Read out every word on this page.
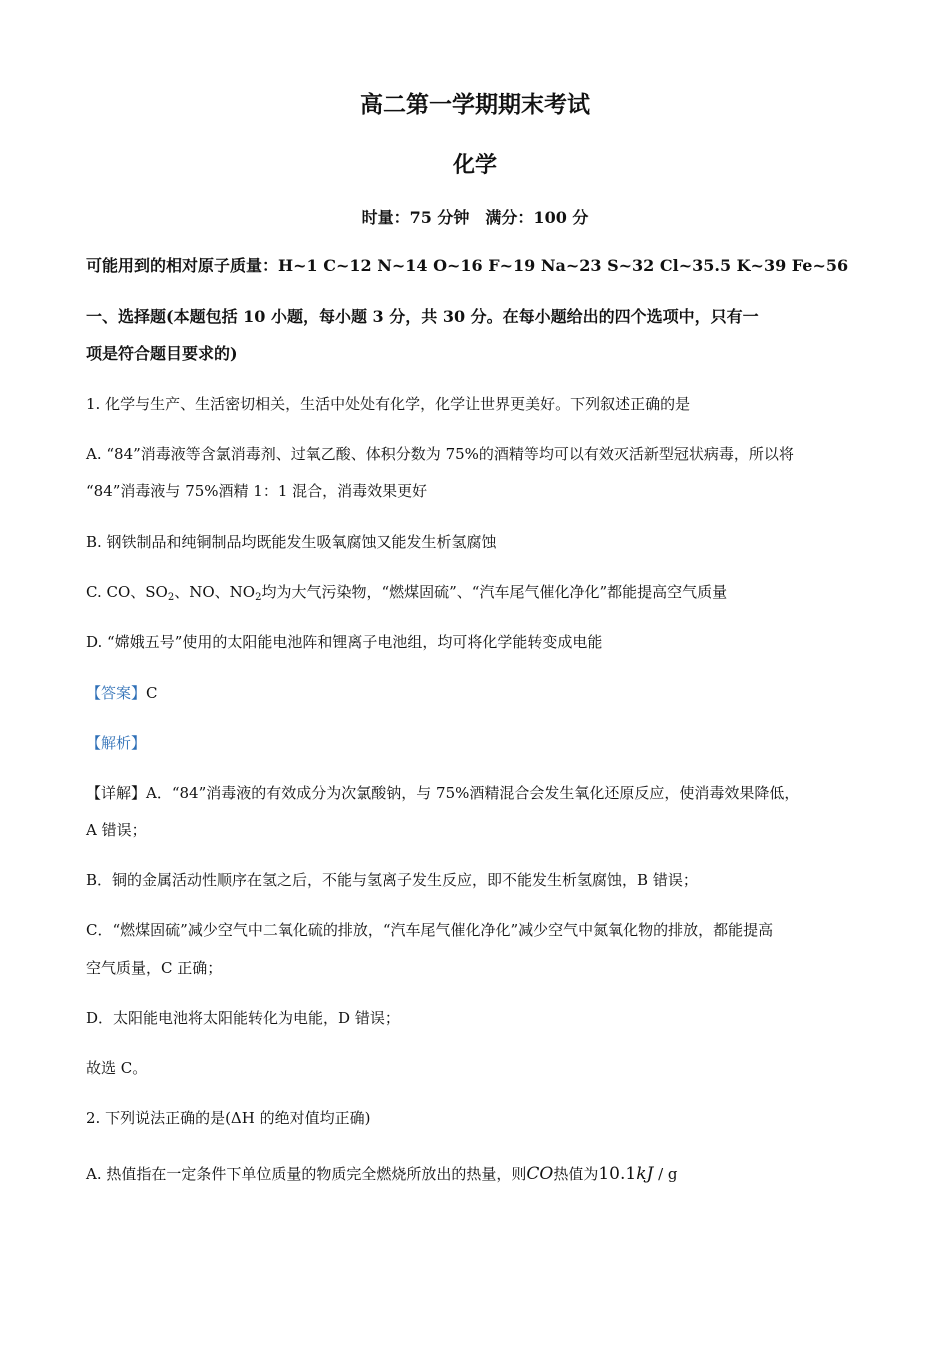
高二第一学期期末考试
化学
时量：75 分钟　满分：100 分
可能用到的相对原子质量：H~1 C~12 N~14 O~16 F~19 Na~23 S~32 Cl~35.5 K~39 Fe~56
一、选择题(本题包括 10 小题，每小题 3 分，共 30 分。在每小题给出的四个选项中，只有一
项是符合题目要求的)
1. 化学与生产、生活密切相关，生活中处处有化学，化学让世界更美好。下列叙述正确的是
A. “84”消毒液等含氯消毒剂、过氧乙酸、体积分数为 75%的酒精等均可以有效灭活新型冠状病毒，所以将
“84”消毒液与 75%酒精 1：1 混合，消毒效果更好
B. 钢铁制品和纯铜制品均既能发生吸氧腐蚀又能发生析氢腐蚀
C. CO、$SO_2$、NO、$NO_2$均为大气污染物，“燃煤固硫”、“汽车尾气催化净化”都能提高空气质量
D. “嫦娥五号”使用的太阳能电池阵和锂离子电池组，均可将化学能转变成电能
【答案】C
【解析】
【详解】A．“84”消毒液的有效成分为次氯酸钠，与 75%酒精混合会发生氧化还原反应，使消毒效果降低，
A 错误；
B．铜的金属活动性顺序在氢之后，不能与氢离子发生反应，即不能发生析氢腐蚀，B 错误；
C．“燃煤固硫”减少空气中二氧化硫的排放，“汽车尾气催化净化”减少空气中氮氧化物的排放，都能提高
空气质量，C 正确；
D．太阳能电池将太阳能转化为电能，D 错误；
故选 C。
2. 下列说法正确的是(ΔH 的绝对值均正确)
A. 热值指在一定条件下单位质量的物质完全燃烧所放出的热量，则CO热值为10.1kJ / g
